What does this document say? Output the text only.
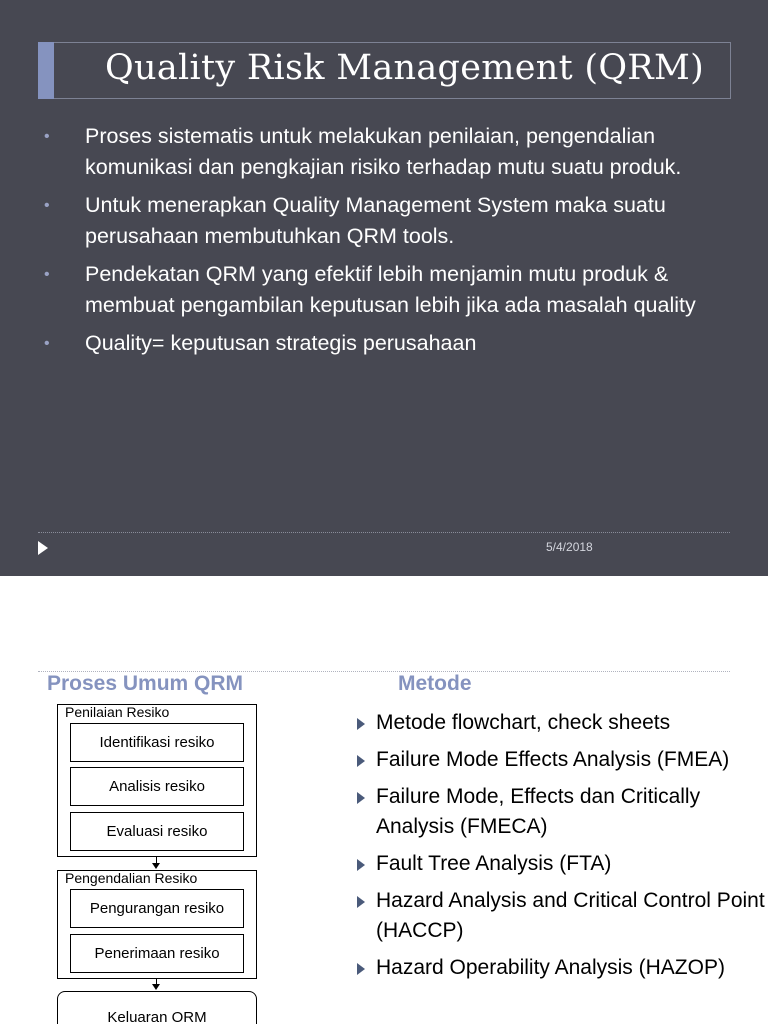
Quality Risk Management (QRM)
• Proses sistematis untuk melakukan penilaian, pengendalian komunikasi dan pengkajian risiko terhadap mutu suatu produk.
• Untuk menerapkan Quality Management System maka suatu perusahaan membutuhkan QRM tools.
• Pendekatan QRM yang efektif lebih menjamin mutu produk & membuat pengambilan keputusan lebih jika ada masalah quality
• Quality= keputusan strategis perusahaan
5/4/2018
Proses Umum QRM	Metode
Penilaian Resiko
Identifikasi resiko
Analisis resiko
Evaluasi resiko
Pengendalian Resiko
Pengurangan resiko
Penerimaan resiko
Keluaran ORM
Metode flowchart, check sheets
Failure Mode Effects Analysis (FMEA)
Failure Mode, Effects dan Critically Analysis (FMECA)
Fault Tree Analysis (FTA)
Hazard Analysis and Critical Control Point (HACCP)
Hazard Operability Analysis (HAZOP)
